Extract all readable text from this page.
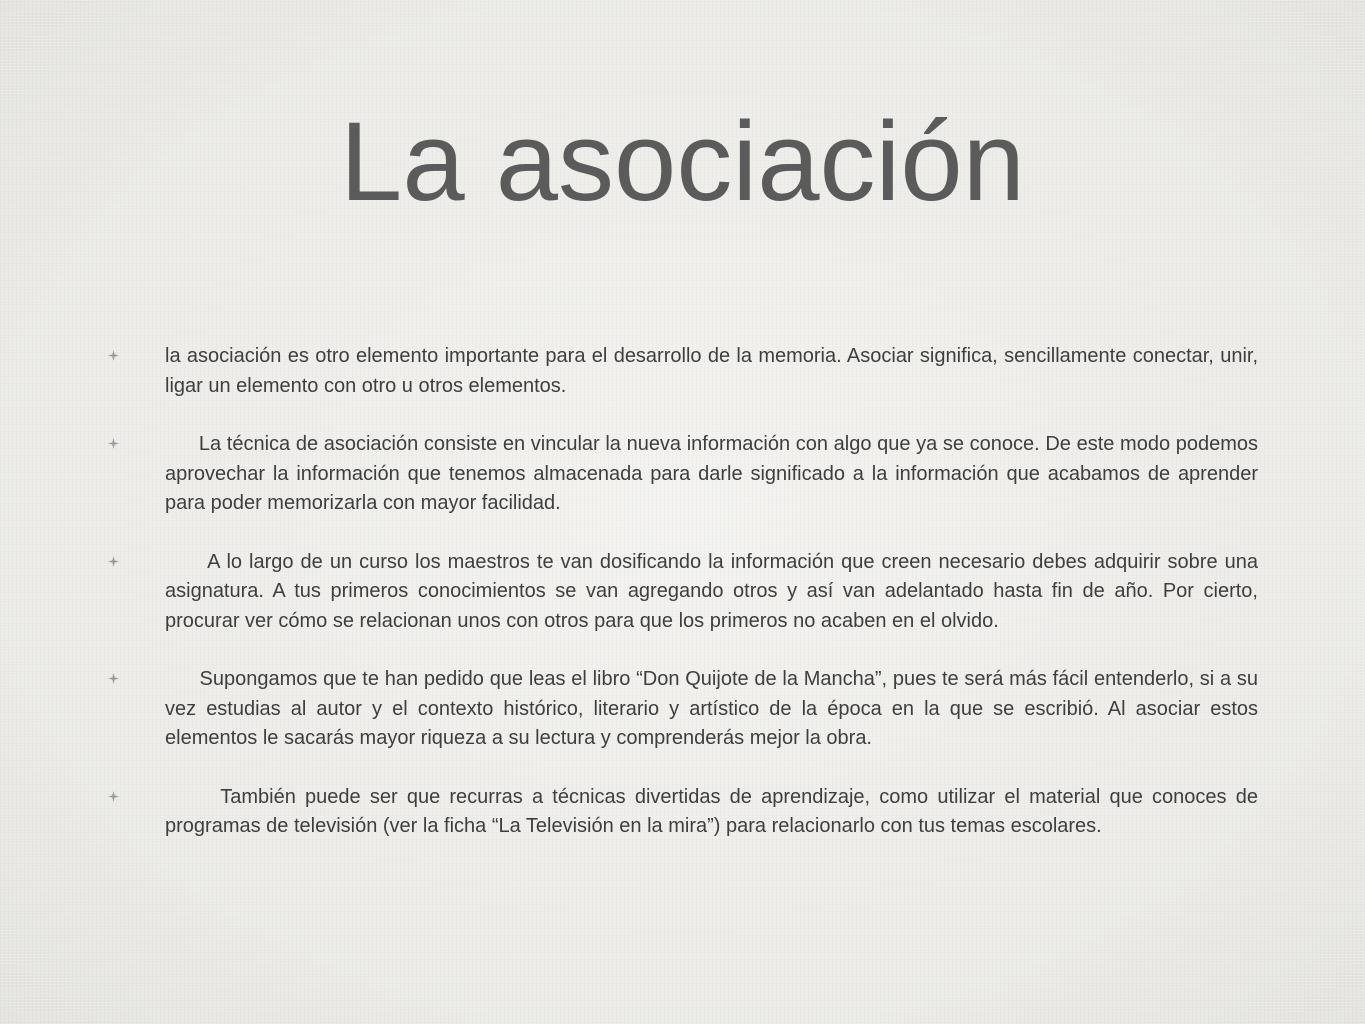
La asociación
la asociación es otro elemento importante para el desarrollo de la memoria. Asociar significa, sencillamente conectar, unir, ligar un elemento con otro u otros elementos.
La técnica de asociación consiste en vincular la nueva información con algo que ya se conoce. De este modo podemos aprovechar la información que tenemos almacenada para darle significado a la información que acabamos de aprender para poder memorizarla con mayor facilidad.
A lo largo de un curso los maestros te van dosificando la información que creen necesario debes adquirir sobre una asignatura. A tus primeros conocimientos se van agregando otros y así van adelantado hasta fin de año. Por cierto, procurar ver cómo se relacionan unos con otros para que los primeros no acaben en el olvido.
Supongamos que te han pedido que leas el libro “Don Quijote de la Mancha”, pues te será más fácil entenderlo, si a su vez estudias al autor y el contexto histórico, literario y artístico de la época en la que se escribió. Al asociar estos elementos le sacarás mayor riqueza a su lectura y comprenderás mejor la obra.
También puede ser que recurras a técnicas divertidas de aprendizaje, como utilizar el material que conoces de programas de televisión (ver la ficha “La Televisión en la mira”) para relacionarlo con tus temas escolares.
